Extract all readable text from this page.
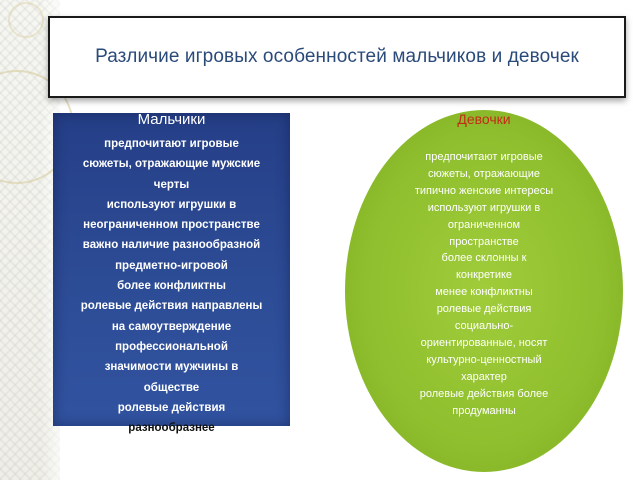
Различие игровых особенностей мальчиков и девочек
Мальчики
предпочитают игровые
сюжеты, отражающие мужские
черты
используют игрушки в
неограниченном пространстве
важно наличие разнообразной
предметно-игровой
более конфликтны
ролевые действия направлены
на самоутверждение
профессиональной
значимости мужчины в
обществе
ролевые действия
разнообразнее
Девочки
предпочитают игровые
сюжеты, отражающие
типично женские интересы
используют игрушки в
ограниченном
пространстве
более склонны к
конкретике
менее конфликтны
ролевые действия
социально-
ориентированные, носят
культурно-ценностный
характер
ролевые действия более
продуманны
